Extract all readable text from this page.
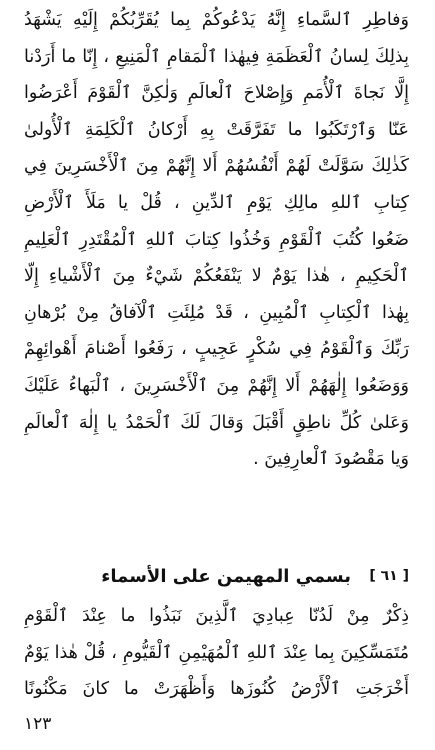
وَفاطِرِ ٱلسَّماءِ إِنَّهُ يَدْعُوكُمْ بِما يُقَرِّبُكُمْ إِلَيْهِ يَشْهَدُ
بِذلِكَ لِسانُ ٱلْعَظَمَةِ فِيهٰذا ٱلْمَقامِ ٱلْمَنِيعِ ، إِنّا ما أَرَدْنا
إِلَّا نَجاةَ ٱلْأُمَمِ وَإِصْلاحَ ٱلْعالَمِ وَلٰكِنَّ ٱلْقَوْمَ أَعْرَضُوا
عَنّا وَٱرْتَكَبُوا ما تَفَرَّقَتْ بِهِ أَرْكانُ ٱلْكَلِمَةِ ٱلْأُولىٰ
كَذٰلِكَ سَوَّلَتْ لَهُمْ أَنْفُسُهُمْ أَلا إِنَّهُمْ مِنَ ٱلْأَخْسَرِينَ فِي
كِتابِ ٱللهِ مالِكِ يَوْمِ ٱلدِّينِ ، قُلْ يا مَلَأَ ٱلْأَرْضِ
ضَعُوا كُتُبَ ٱلْقَوْمِ وَخُذُوا كِتابَ ٱللهِ ٱلْمُقْتَدِرِ ٱلْعَلِيمِ
ٱلْحَكِيمِ ، هٰذا يَوْمٌ لا يَنْفَعُكُمْ شَيْءٌ مِنَ ٱلْأَشْياءِ إِلّا
بِهٰذا ٱلْكِتابِ ٱلْمُبِينِ ، قَدْ مُلِئَتِ ٱلْآفاقُ مِنْ بُرْهانِ
رَبِّكَ وَٱلْقَوْمُ فِي سُكْرٍ عَجِيبٍ ، رَفَعُوا أَصْنامَ أَهْوائِهِمْ
وَوَضَعُوا إِلٰهَهُمْ أَلا إِنَّهُمْ مِنَ ٱلْأَخْسَرِينَ ، ٱلْبَهاءُ عَلَيْكَ
وَعَلىٰ كُلِّ ناطِقٍ أَقْبَلَ وَقالَ لَكَ ٱلْحَمْدُ يا إِلٰهَ ٱلْعالَمِ
وَيا مَقْصُودَ ٱلْعارِفِينَ .
[ ٦١ ]
بسمي المهيمن على الأسماء
ذِكْرٌ مِنْ لَدُنّا عِبادِيَ ٱلَّذِينَ نَبَذُوا ما عِنْدَ ٱلْقَوْمِ
مُتَمَسِّكِينَ بِما عِنْدَ ٱللهِ ٱلْمُهَيْمِنِ ٱلْقَيُّومِ ، قُلْ هٰذا يَوْمٌ
أَخْرَجَتِ ٱلْأَرْضُ كُنُوزَها وَأَظْهَرَتْ ما كانَ مَكْنُونًا
١٢٣
